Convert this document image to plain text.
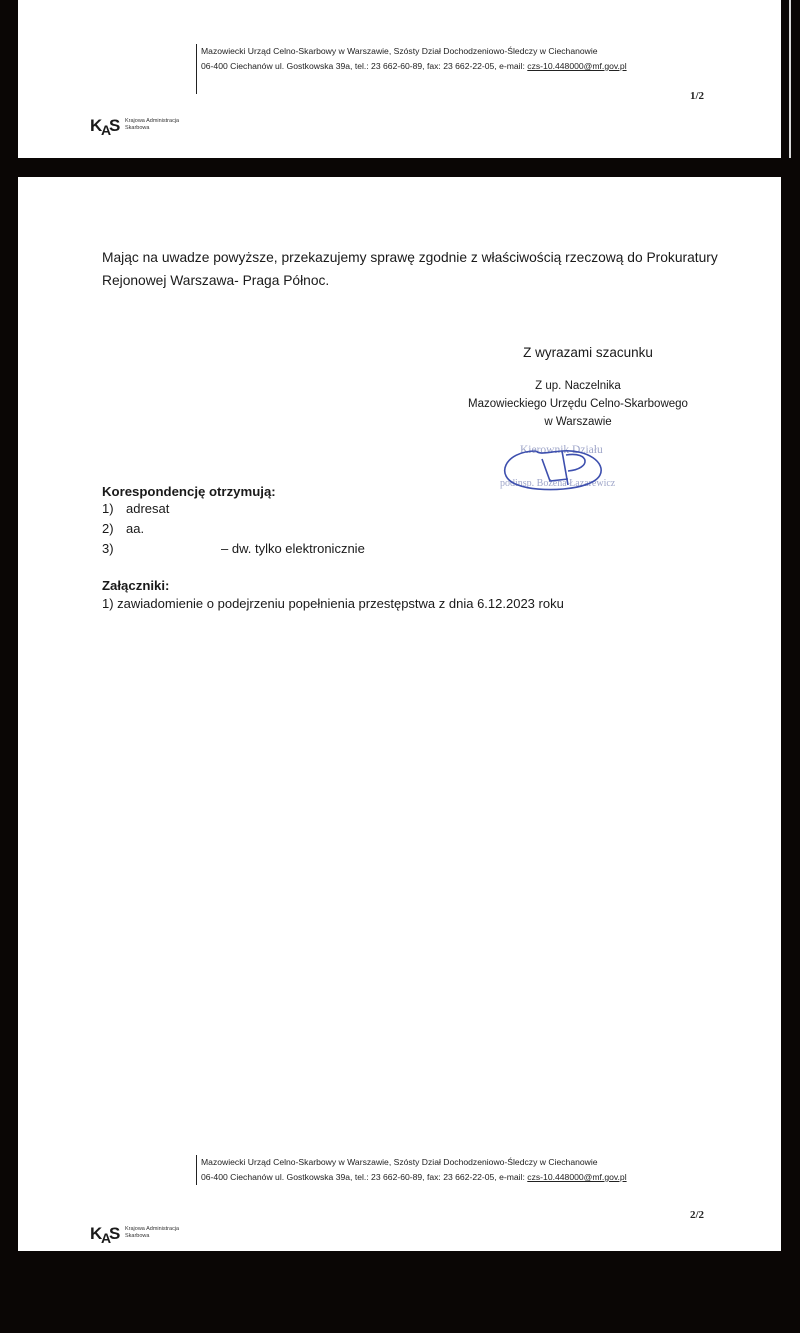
Mazowiecki Urząd Celno-Skarbowy w Warszawie, Szósty Dział Dochodzeniowo-Śledczy w Ciechanowie
06-400 Ciechanów ul. Gostkowska 39a, tel.: 23 662-60-89, fax: 23 662-22-05, e-mail: czs-10.448000@mf.gov.pl
1/2
K
A
S Krajowa Administracja
Skarbowa
Mając na uwadze powyższe, przekazujemy sprawę zgodnie z właściwością rzeczową do Prokuratury
Rejonowej Warszawa- Praga Północ.
Z wyrazami szacunku
Z up. Naczelnika
Mazowieckiego Urzędu Celno-Skarbowego
w Warszawie
Kierownik Działu
podinsp. Bożena Łazarewicz
Korespondencję otrzymują:
1) adresat
2) aa.
3)	– dw. tylko elektronicznie
Załączniki:
1) zawiadomienie o podejrzeniu popełnienia przestępstwa z dnia 6.12.2023 roku
Mazowiecki Urząd Celno-Skarbowy w Warszawie, Szósty Dział Dochodzeniowo-Śledczy w Ciechanowie
06-400 Ciechanów ul. Gostkowska 39a, tel.: 23 662-60-89, fax: 23 662-22-05, e-mail: czs-10.448000@mf.gov.pl
2/2
K
A
S Krajowa Administracja
Skarbowa
